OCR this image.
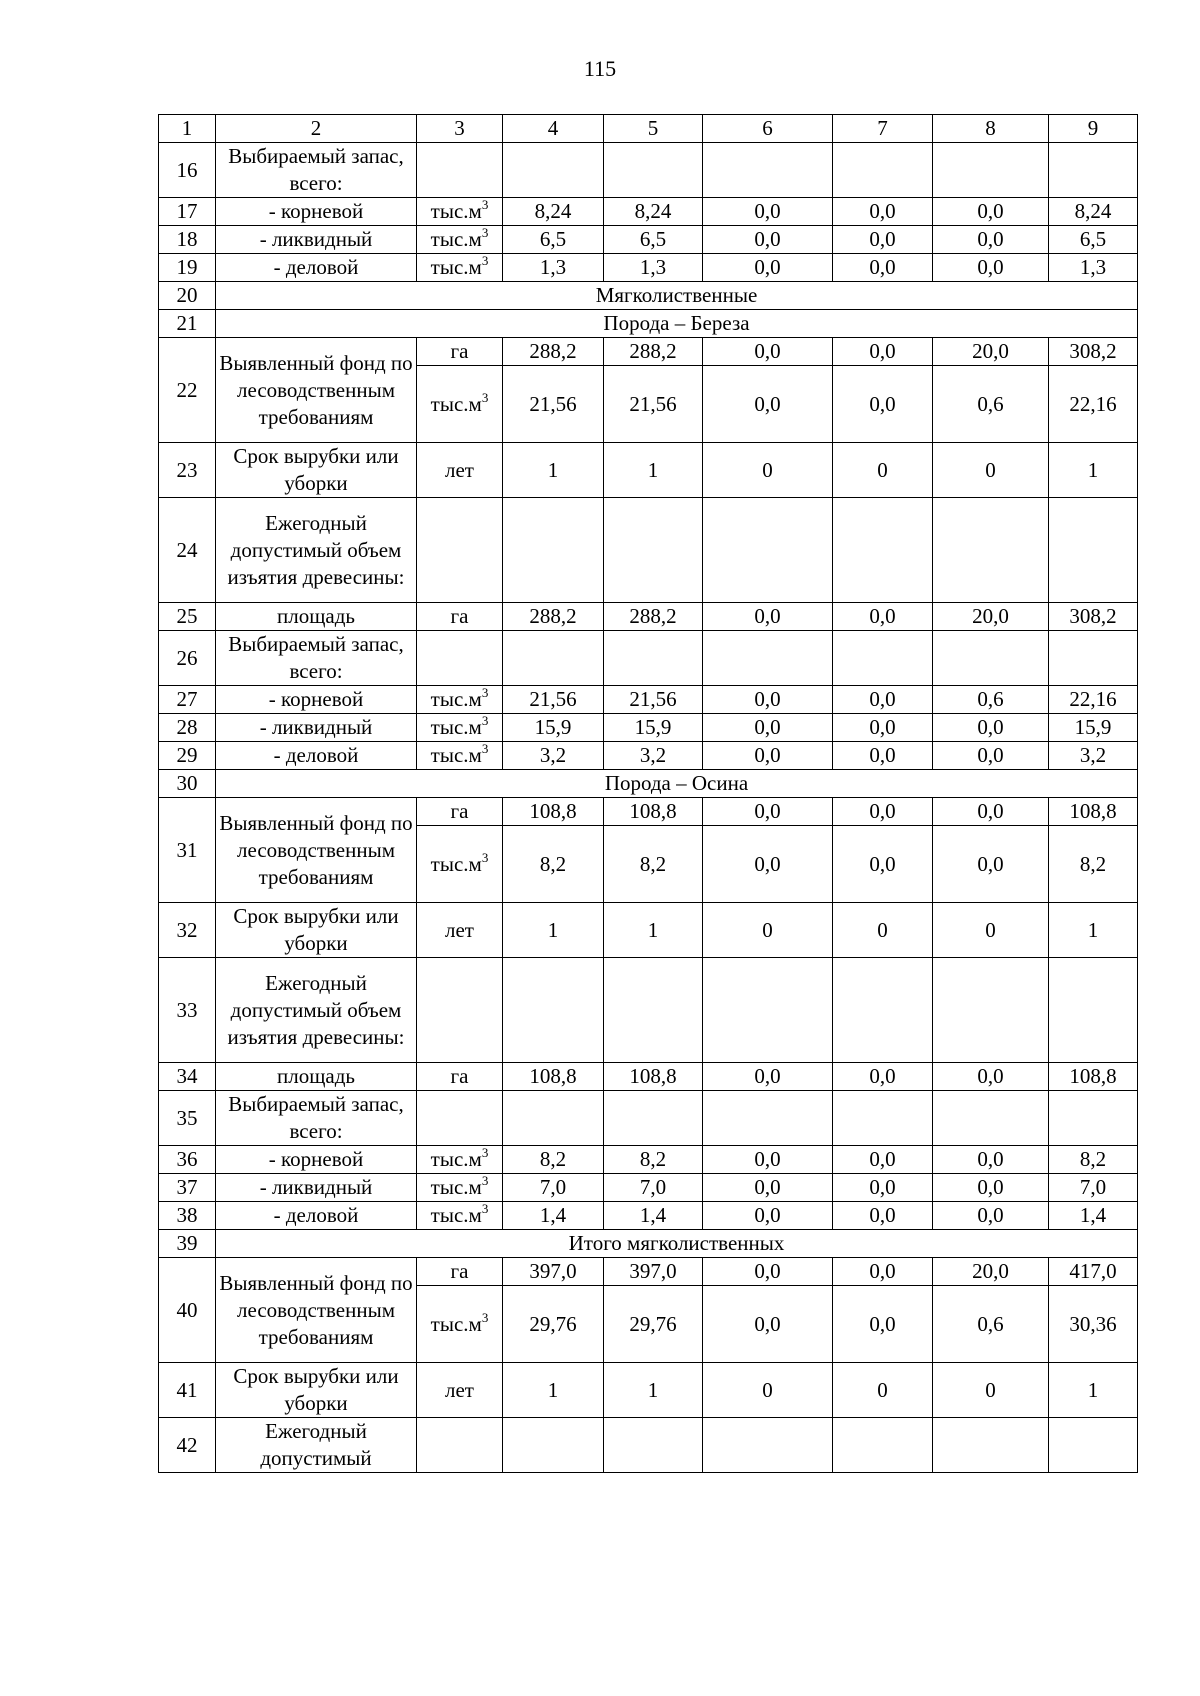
115
1	2	3	4	5	6	7	8	9
16	Выбираемый запас, всего:							
17	- корневой	$тыс.м^3$	8,24	8,24	0,0	0,0	0,0	8,24
18	- ликвидный	$тыс.м^3$	6,5	6,5	0,0	0,0	0,0	6,5
19	- деловой	$тыс.м^3$	1,3	1,3	0,0	0,0	0,0	1,3
20	Мягколиственные							
21	Порода – Береза							
22	Выявленный фонд по лесоводственным требованиям	га	288,2	288,2	0,0	0,0	20,0	308,2
		$тыс.м^3$	21,56	21,56	0,0	0,0	0,6	22,16
23	Срок вырубки или уборки	лет	1	1	0	0	0	1
24	Ежегодный допустимый объем изъятия древесины:							
25	площадь	га	288,2	288,2	0,0	0,0	20,0	308,2
26	Выбираемый запас, всего:							
27	- корневой	$тыс.м^3$	21,56	21,56	0,0	0,0	0,6	22,16
28	- ликвидный	$тыс.м^3$	15,9	15,9	0,0	0,0	0,0	15,9
29	- деловой	$тыс.м^3$	3,2	3,2	0,0	0,0	0,0	3,2
30	Порода – Осина							
31	Выявленный фонд по лесоводственным требованиям	га	108,8	108,8	0,0	0,0	0,0	108,8
		$тыс.м^3$	8,2	8,2	0,0	0,0	0,0	8,2
32	Срок вырубки или уборки	лет	1	1	0	0	0	1
33	Ежегодный допустимый объем изъятия древесины:							
34	площадь	га	108,8	108,8	0,0	0,0	0,0	108,8
35	Выбираемый запас, всего:							
36	- корневой	$тыс.м^3$	8,2	8,2	0,0	0,0	0,0	8,2
37	- ликвидный	$тыс.м^3$	7,0	7,0	0,0	0,0	0,0	7,0
38	- деловой	$тыс.м^3$	1,4	1,4	0,0	0,0	0,0	1,4
39	Итого мягколиственных							
40	Выявленный фонд по лесоводственным требованиям	га	397,0	397,0	0,0	0,0	20,0	417,0
		$тыс.м^3$	29,76	29,76	0,0	0,0	0,6	30,36
41	Срок вырубки или уборки	лет	1	1	0	0	0	1
42	Ежегодный допустимый							
